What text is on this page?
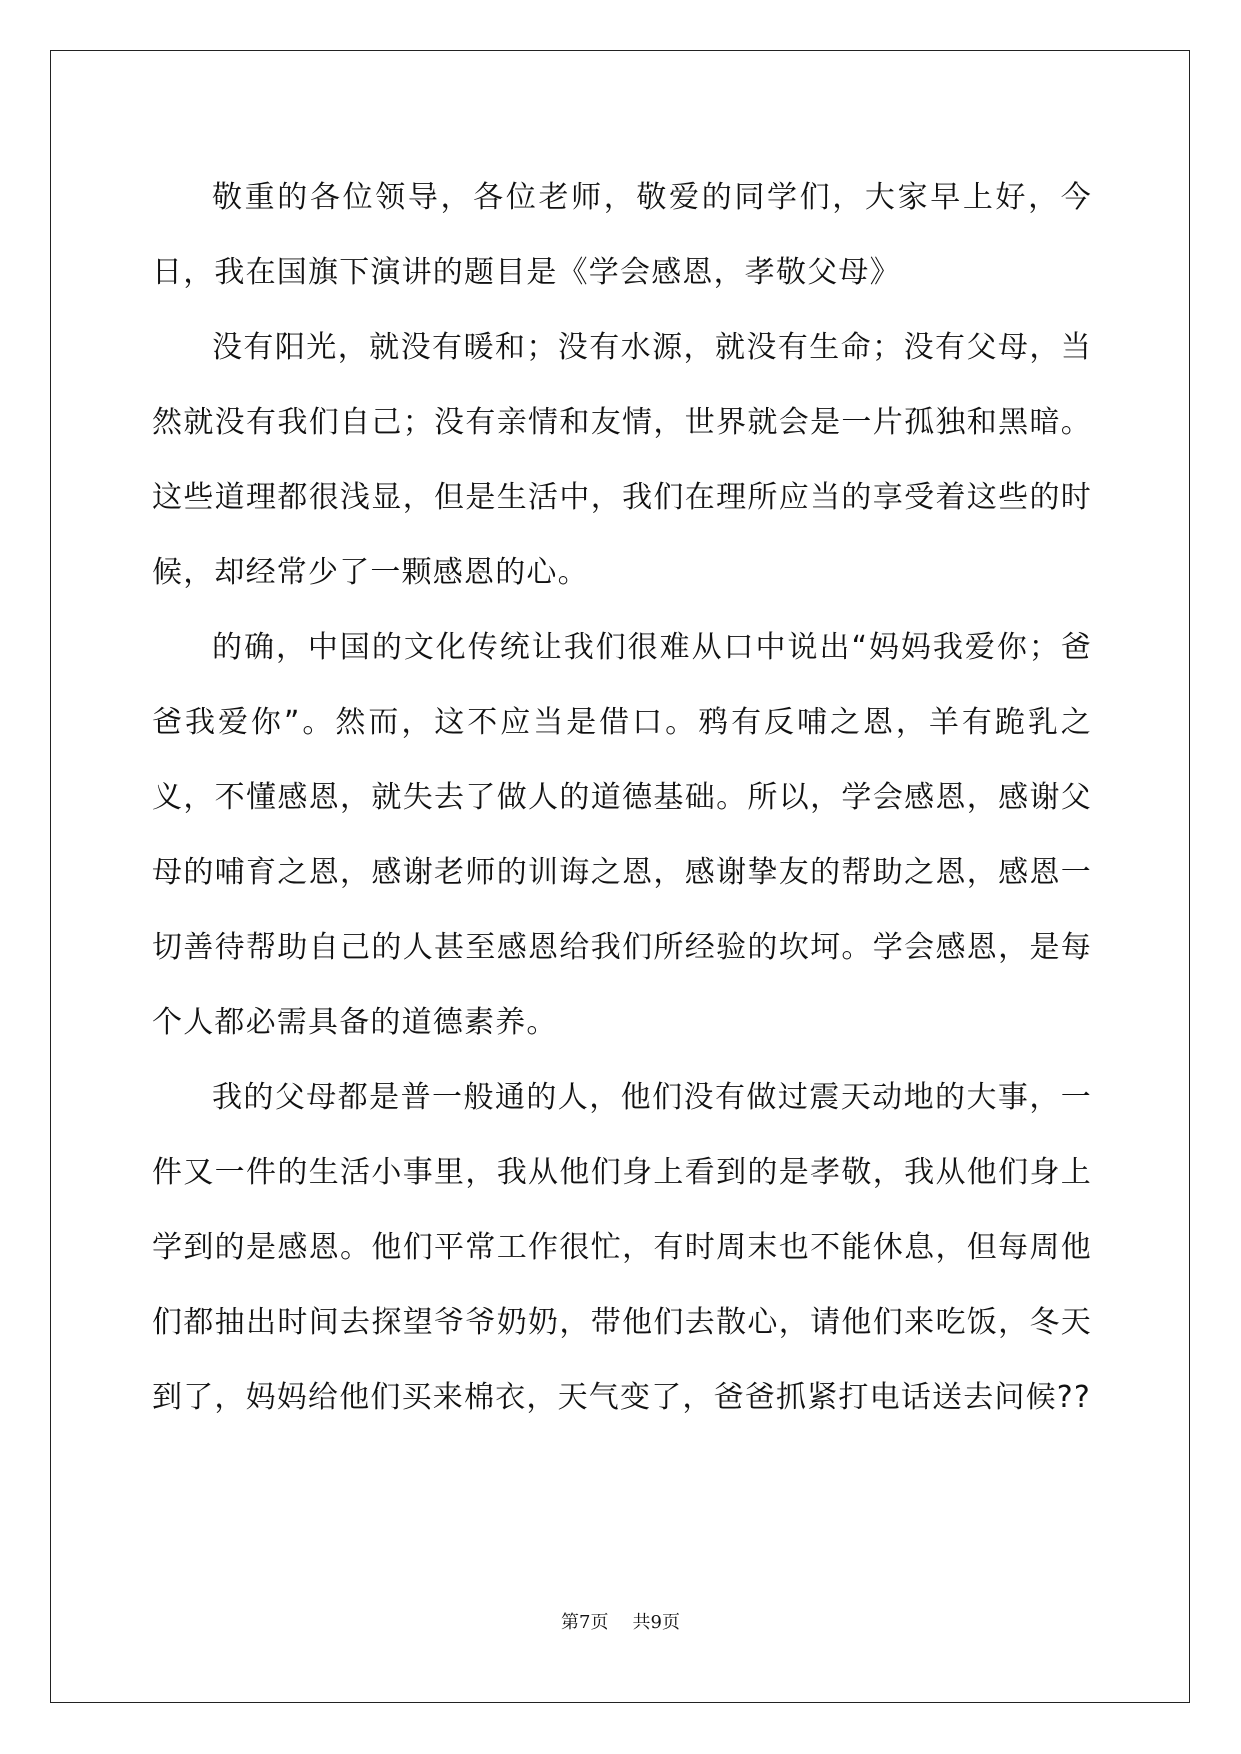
敬重的各位领导，各位老师，敬爱的同学们，大家早上好，今日，我在国旗下演讲的题目是《学会感恩，孝敬父母》

没有阳光，就没有暖和；没有水源，就没有生命；没有父母，当然就没有我们自己；没有亲情和友情，世界就会是一片孤独和黑暗。这些道理都很浅显，但是生活中，我们在理所应当的享受着这些的时候，却经常少了一颗感恩的心。

的确，中国的文化传统让我们很难从口中说出“妈妈我爱你；爸爸我爱你”。然而，这不应当是借口。鸦有反哺之恩，羊有跪乳之义，不懂感恩，就失去了做人的道德基础。所以，学会感恩，感谢父母的哺育之恩，感谢老师的训诲之恩，感谢挚友的帮助之恩，感恩一切善待帮助自己的人甚至感恩给我们所经验的坎坷。学会感恩，是每个人都必需具备的道德素养。

我的父母都是普一般通的人，他们没有做过震天动地的大事，一件又一件的生活小事里，我从他们身上看到的是孝敬，我从他们身上学到的是感恩。他们平常工作很忙，有时周末也不能休息，但每周他们都抽出时间去探望爷爷奶奶，带他们去散心，请他们来吃饭，冬天到了，妈妈给他们买来棉衣，天气变了，爸爸抓紧打电话送去问候??

第7页 共9页
